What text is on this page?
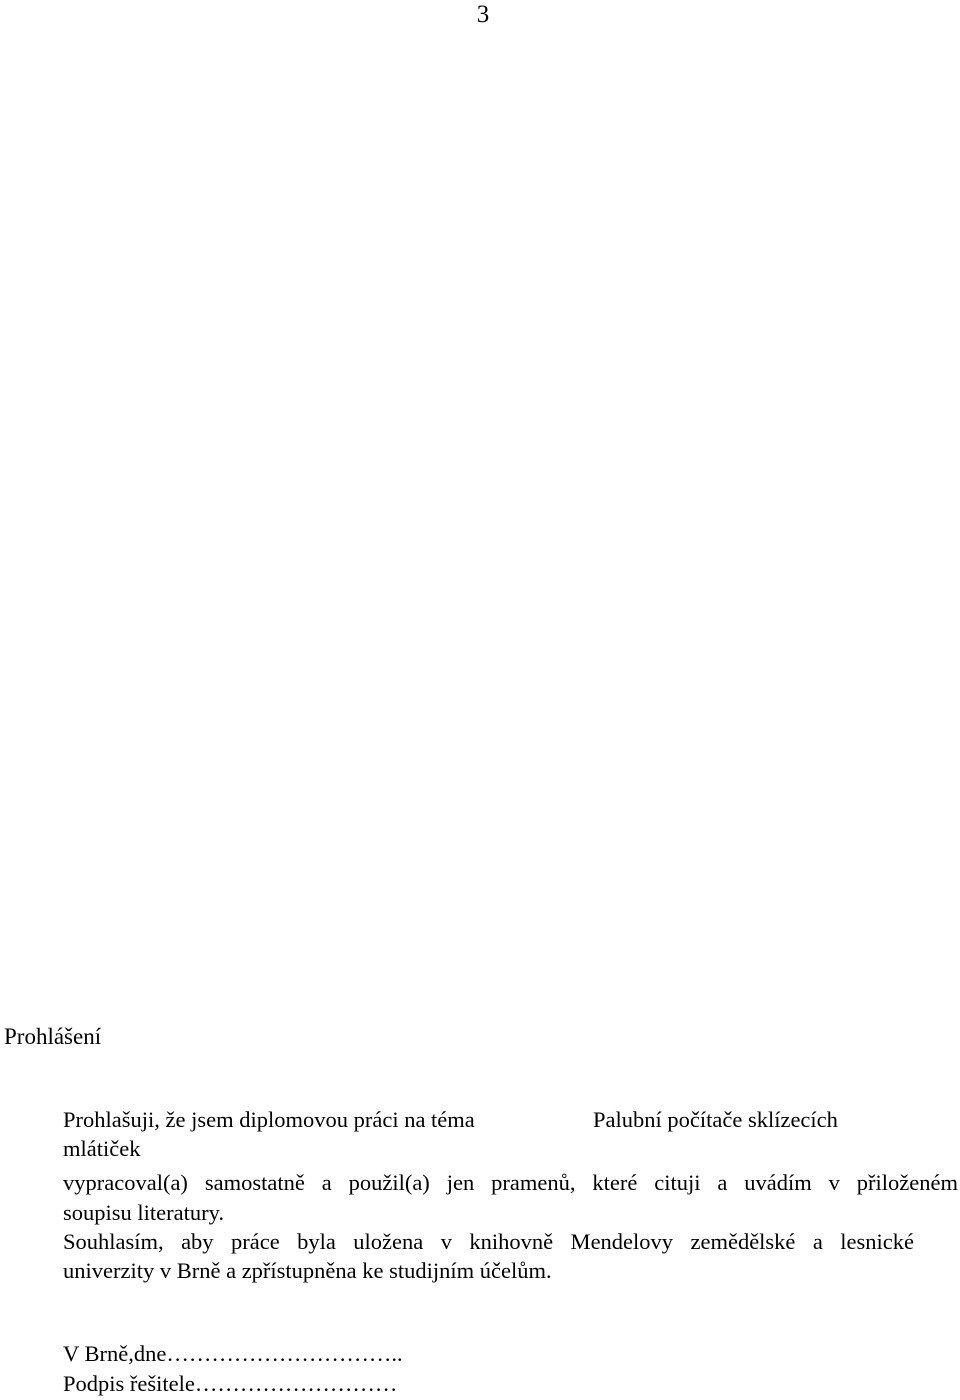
3
Prohlášení
Prohlašuji, že jsem diplomovou práci na téma	Palubní počítače sklízecích
mlátiček
vypracoval(a) samostatně a použil(a) jen pramenů, které cituji a uvádím v přiloženém
soupisu literatury.
Souhlasím, aby práce byla uložena v knihovně Mendelovy zemědělské a lesnické
univerzity v Brně a zpřístupněna ke studijním účelům.
V Brně,dne…………………………..
Podpis řešitele………………………
